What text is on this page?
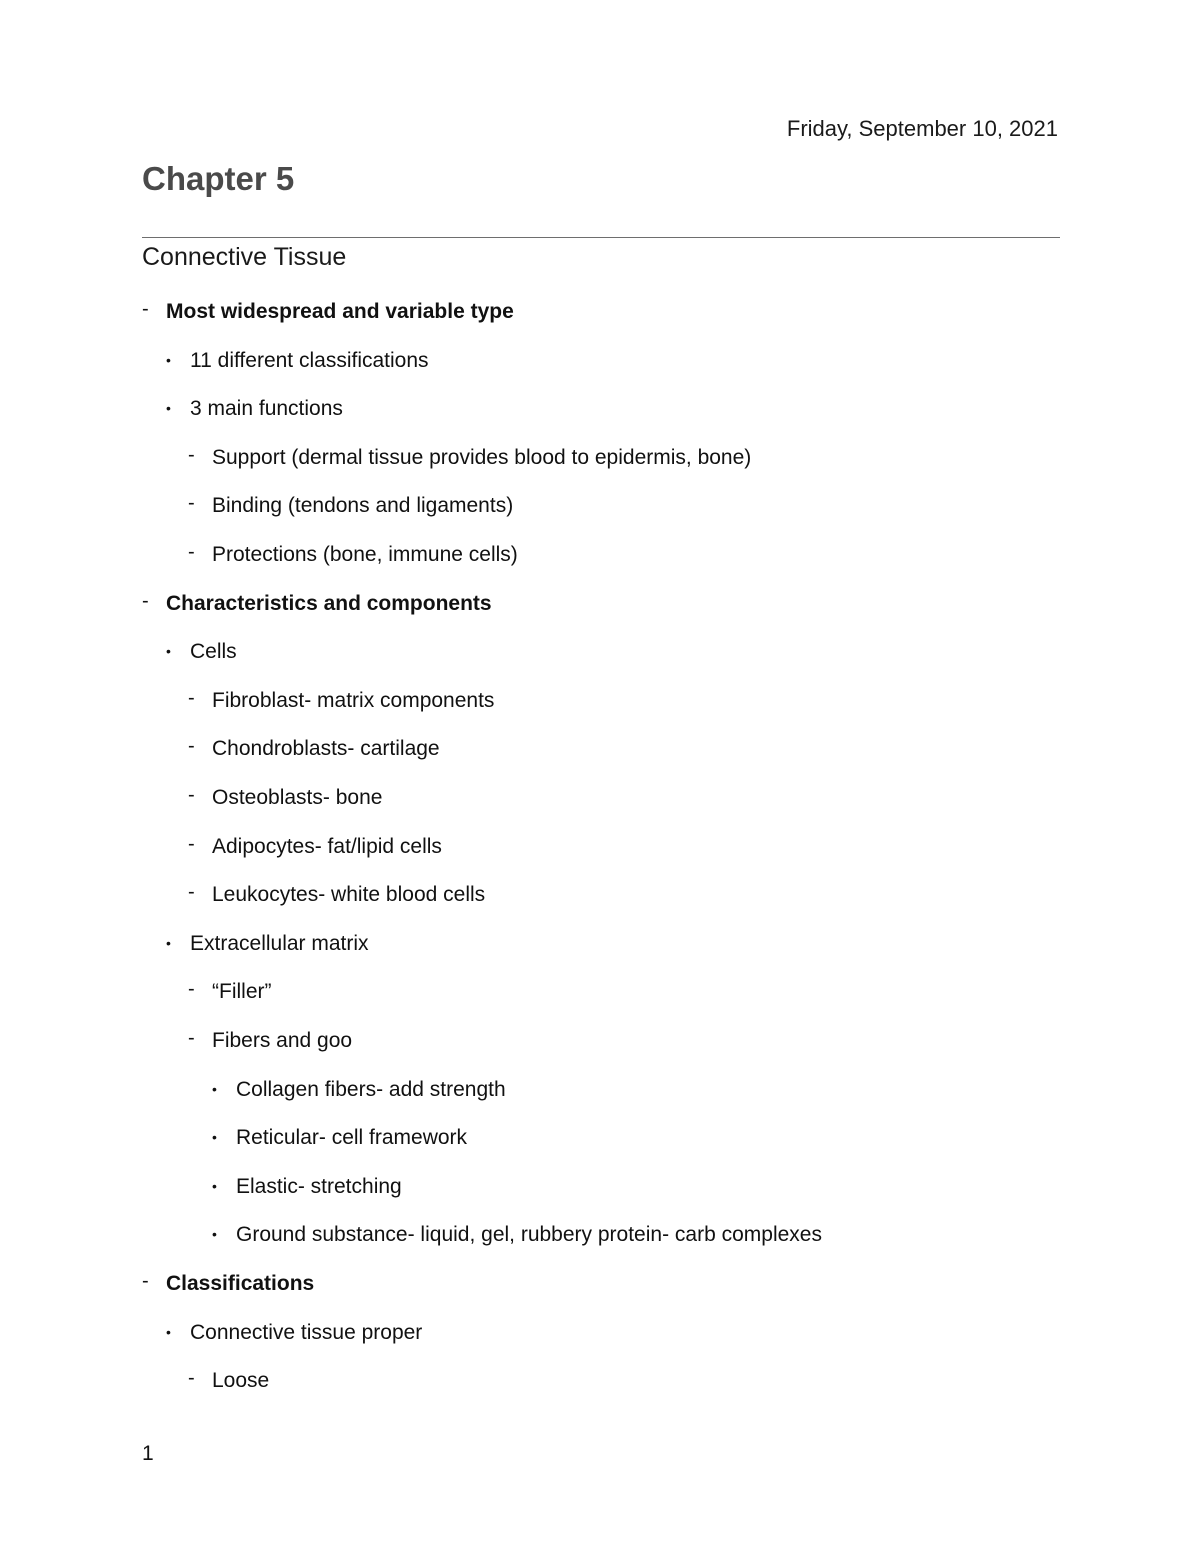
Friday, September 10, 2021
Chapter 5
Connective Tissue
- Most widespread and variable type
• 11 different classifications
• 3 main functions
- Support (dermal tissue provides blood to epidermis, bone)
- Binding (tendons and ligaments)
- Protections (bone, immune cells)
- Characteristics and components
• Cells
- Fibroblast- matrix components
- Chondroblasts- cartilage
- Osteoblasts- bone
- Adipocytes- fat/lipid cells
- Leukocytes- white blood cells
• Extracellular matrix
- “Filler”
- Fibers and goo
• Collagen fibers- add strength
• Reticular- cell framework
• Elastic- stretching
• Ground substance- liquid, gel, rubbery protein- carb complexes
- Classifications
• Connective tissue proper
- Loose
1
